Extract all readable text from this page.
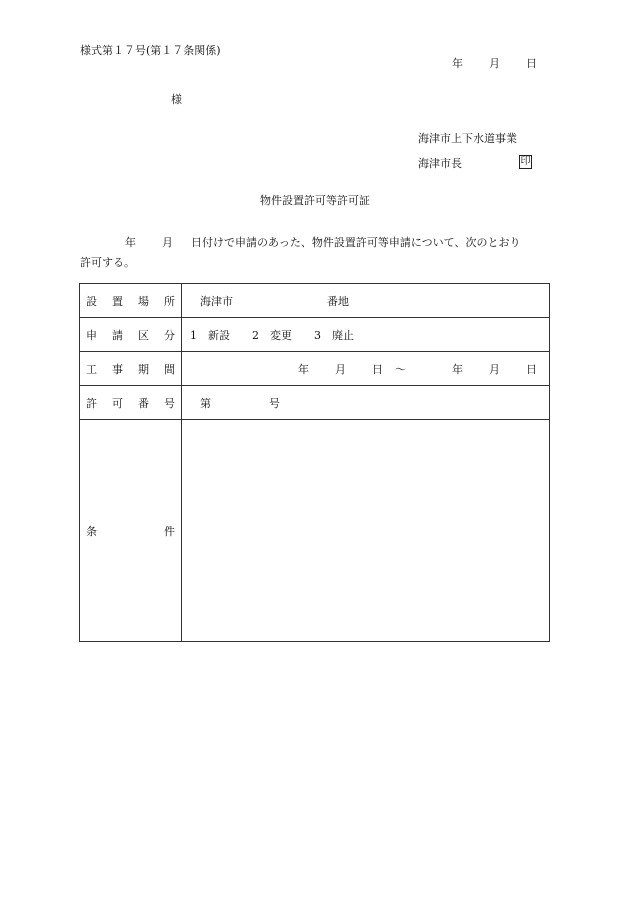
様式第１７号(第１７条関係)
年 月 日
様
海津市上下水道事業
海津市長	印
物件設置許可等許可証
年 月 日付けで申請のあった、物件設置許可等申請について、次のとおり
許可する。
設 置 場 所	海津市 番地

申 請 区 分	1　新設 2　変更 3　廃止

工 事 期 間	年 月 日 ～ 年 月 日

許 可 番 号	第 号

条 件	
